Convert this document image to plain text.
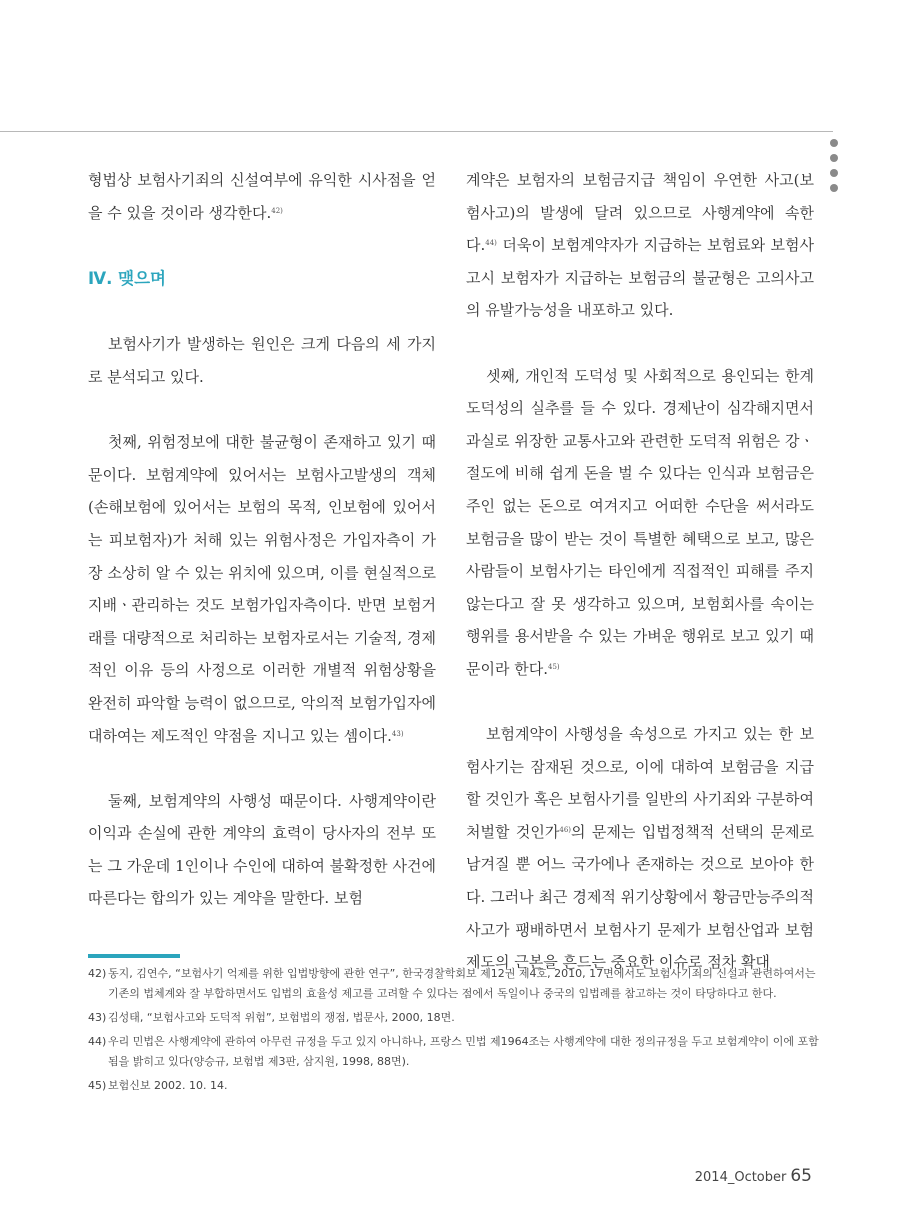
형법상 보험사기죄의 신설여부에 유익한 시사점을 얻을 수 있을 것이라 생각한다.$^{42)}$

Ⅳ. 맺으며

보험사기가 발생하는 원인은 크게 다음의 세 가지로 분석되고 있다.

첫째, 위험정보에 대한 불균형이 존재하고 있기 때문이다. 보험계약에 있어서는 보험사고발생의 객체(손해보험에 있어서는 보험의 목적, 인보험에 있어서는 피보험자)가 처해 있는 위험사정은 가입자측이 가장 소상히 알 수 있는 위치에 있으며, 이를 현실적으로 지배ㆍ관리하는 것도 보험가입자측이다. 반면 보험거래를 대량적으로 처리하는 보험자로서는 기술적, 경제적인 이유 등의 사정으로 이러한 개별적 위험상황을 완전히 파악할 능력이 없으므로, 악의적 보험가입자에 대하여는 제도적인 약점을 지니고 있는 셈이다.$^{43)}$

둘째, 보험계약의 사행성 때문이다. 사행계약이란 이익과 손실에 관한 계약의 효력이 당사자의 전부 또는 그 가운데 1인이나 수인에 대하여 불확정한 사건에 따른다는 합의가 있는 계약을 말한다. 보험

계약은 보험자의 보험금지급 책임이 우연한 사고(보험사고)의 발생에 달려 있으므로 사행계약에 속한다.$^{44)}$ 더욱이 보험계약자가 지급하는 보험료와 보험사고시 보험자가 지급하는 보험금의 불균형은 고의사고의 유발가능성을 내포하고 있다.

셋째, 개인적 도덕성 및 사회적으로 용인되는 한계도덕성의 실추를 들 수 있다. 경제난이 심각해지면서 과실로 위장한 교통사고와 관련한 도덕적 위험은 강ㆍ절도에 비해 쉽게 돈을 벌 수 있다는 인식과 보험금은 주인 없는 돈으로 여겨지고 어떠한 수단을 써서라도 보험금을 많이 받는 것이 특별한 혜택으로 보고, 많은 사람들이 보험사기는 타인에게 직접적인 피해를 주지 않는다고 잘 못 생각하고 있으며, 보험회사를 속이는 행위를 용서받을 수 있는 가벼운 행위로 보고 있기 때문이라 한다.$^{45)}$

보험계약이 사행성을 속성으로 가지고 있는 한 보험사기는 잠재된 것으로, 이에 대하여 보험금을 지급할 것인가 혹은 보험사기를 일반의 사기죄와 구분하여 처벌할 것인가$^{46)}$의 문제는 입법정책적 선택의 문제로 남겨질 뿐 어느 국가에나 존재하는 것으로 보아야 한다. 그러나 최근 경제적 위기상황에서 황금만능주의적 사고가 팽배하면서 보험사기 문제가 보험산업과 보험제도의 근본을 흔드는 중요한 이슈로 점차 확대

42) 동지, 김연수, “보험사기 억제를 위한 입법방향에 관한 연구”, 한국경찰학회보 제12권 제4호, 2010, 17면에서도 보험사기죄의 신설과 관련하여서는 기존의 법체계와 잘 부합하면서도 입법의 효율성 제고를 고려할 수 있다는 점에서 독일이나 중국의 입법례를 참고하는 것이 타당하다고 한다.

43) 김성태, “보험사고와 도덕적 위험”, 보험법의 쟁점, 법문사, 2000, 18면.

44) 우리 민법은 사행계약에 관하여 아무런 규정을 두고 있지 아니하나, 프랑스 민법 제1964조는 사행계약에 대한 정의규정을 두고 보험계약이 이에 포함됨을 밝히고 있다(양승규, 보험법 제3판, 삼지원, 1998, 88면).

45) 보험신보 2002. 10. 14.

2014_October 65
